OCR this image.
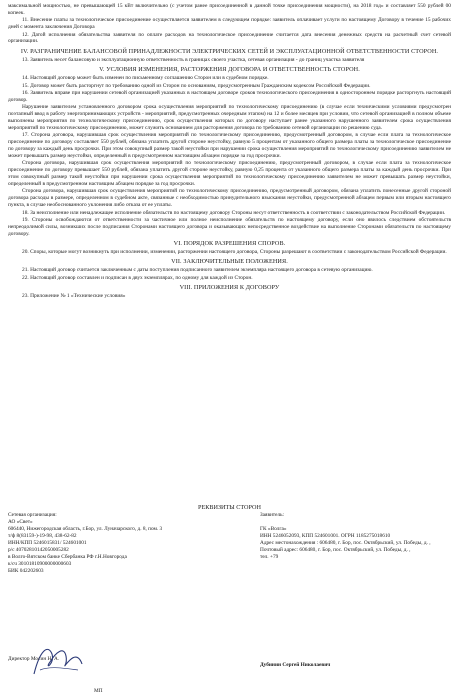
максимальной мощностью, не превышающей 15 кВт включительно (с учетом ранее присоединенной в данной точке присоединения мощности), на 2018 год» и составляет 550 рублей 00 копеек.

11. Внесение платы за технологическое присоединение осуществляется заявителем в следующем порядке: заявитель оплачивает услуги по настоящему Договору в течение 15 рабочих дней с момента заключения Договора

12. Датой исполнения обязательства заявителя по оплате расходов на технологическое присоединение считается дата внесения денежных средств на расчетный счет сетевой организации.

IV. РАЗГРАНИЧЕНИЕ БАЛАНСОВОЙ ПРИНАДЛЕЖНОСТИ ЭЛЕКТРИЧЕСКИХ СЕТЕЙ И ЭКСПЛУАТАЦИОННОЙ ОТВЕТСТВЕННОСТИ СТОРОН.

13. Заявитель несет балансовую и эксплуатационную ответственность в границах своего участка, сетевая организация - до границ участка заявителя

V. УСЛОВИЯ ИЗМЕНЕНИЯ, РАСТОРЖЕНИЯ ДОГОВОРА И ОТВЕТСТВЕННОСТЬ СТОРОН.

14. Настоящий договор может быть изменен по письменному соглашению Сторон или в судебном порядке.

15. Договор может быть расторгнут по требованию одной из Сторон по основаниям, предусмотренным Гражданским кодексом Российской Федерации.

16. Заявитель вправе при нарушении сетевой организацией указанных в настоящем договоре сроков технологического присоединения в одностороннем порядке расторгнуть настоящий договор.

Нарушение заявителем установленного договором срока осуществления мероприятий по технологическому присоединению (в случае если техническими условиями предусмотрен поэтапный ввод в работу энергопринимающих устройств - мероприятий, предусмотренных очередным этапом) на 12 и более месяцев при условии, что сетевой организацией в полном объеме выполнены мероприятия по технологическому присоединению, срок осуществления которых по договору наступает ранее указанного нарушенного заявителем срока осуществления мероприятий по технологическому присоединению, может служить основанием для расторжения договора по требованию сетевой организации по решению суда.

17. Сторона договора, нарушившая срок осуществления мероприятий по технологическому присоединению, предусмотренный договором, в случае если плата за технологическое присоединение по договору составляет 550 рублей, обязана уплатить другой стороне неустойку, равную 5 процентам от указанного общего размера платы за технологическое присоединение по договору за каждый день просрочки. При этом совокупный размер такой неустойки при нарушении срока осуществления мероприятий по технологическому присоединению заявителем не может превышать размер неустойки, определенный в предусмотренном настоящим абзацем порядке за год просрочки.

Сторона договора, нарушившая срок осуществления мероприятий по технологическому присоединению, предусмотренный договором, в случае если плата за технологическое присоединение по договору превышает 550 рублей, обязана уплатить другой стороне неустойку, равную 0,25 процента от указанного общего размера платы за каждый день просрочки. При этом совокупный размер такой неустойки при нарушении срока осуществления мероприятий по технологическому присоединению заявителем не может превышать размер неустойки, определенный в предусмотренном настоящим абзацем порядке за год просрочки.

Сторона договора, нарушившая срок осуществления мероприятий по технологическому присоединению, предусмотренный договором, обязана уплатить понесенные другой стороной договора расходы в размере, определенном в судебном акте, связанные с необходимостью принудительного взыскания неустойки, предусмотренной абзацем первым или вторым настоящего пункта, в случае необоснованного уклонения либо отказа от ее уплаты.

18. За неисполнение или ненадлежащее исполнение обязательств по настоящему договору Стороны несут ответственность в соответствии с законодательством Российской Федерации.

19. Стороны освобождаются от ответственности за частичное или полное неисполнение обязательств по настоящему договору, если оно явилось следствием обстоятельств непреодолимой силы, возникших после подписания Сторонами настоящего договора и оказывающих непосредственное воздействие на выполнение Сторонами обязательств по настоящему договору.

VI. ПОРЯДОК РАЗРЕШЕНИЯ СПОРОВ.

20. Споры, которые могут возникнуть при исполнении, изменении, расторжении настоящего договора, Стороны разрешают в соответствии с законодательством Российской Федерации.

VII. ЗАКЛЮЧИТЕЛЬНЫЕ ПОЛОЖЕНИЯ.

21. Настоящий договор считается заключенным с даты поступления подписанного заявителем экземпляра настоящего договора в сетевую организацию.

22. Настоящий договор составлен и подписан в двух экземплярах, по одному для каждой из Сторон.

VIII. ПРИЛОЖЕНИЯ К ДОГОВОРУ

23. Приложение № 1 «Технические условия»

РЕКВИЗИТЫ СТОРОН
Сетевая организация:
АО «Свет»
606440, Нижегородская область, г.Бор, ул. Луначарского, д. 8, пом. 3
т/ф 8(83159-)-19-98, 438-62-82
ИНН/КПП 5246015831/ 524601001
р/с 40702810142050005282
в Волго-Вятском банке Сбербанка РФ г.Н.Новгорода
к/сч 30101810900000000603
БИК 042202603
Заявитель:

ГК «Волга»
ИНН 5246052093, КПП 524601001. ОГРН 1185275018610
Адрес местонахождения : 606480, г. Бор, пос. Октябрьский, ул. Победы, д. ,
Почтовый адрес: 606480, г. Бор, пос. Октябрьский, ул. Победы, д. ,
тел. +79
Директор Мосин Н. А.
МП
Дубинин Сергей Николаевич
